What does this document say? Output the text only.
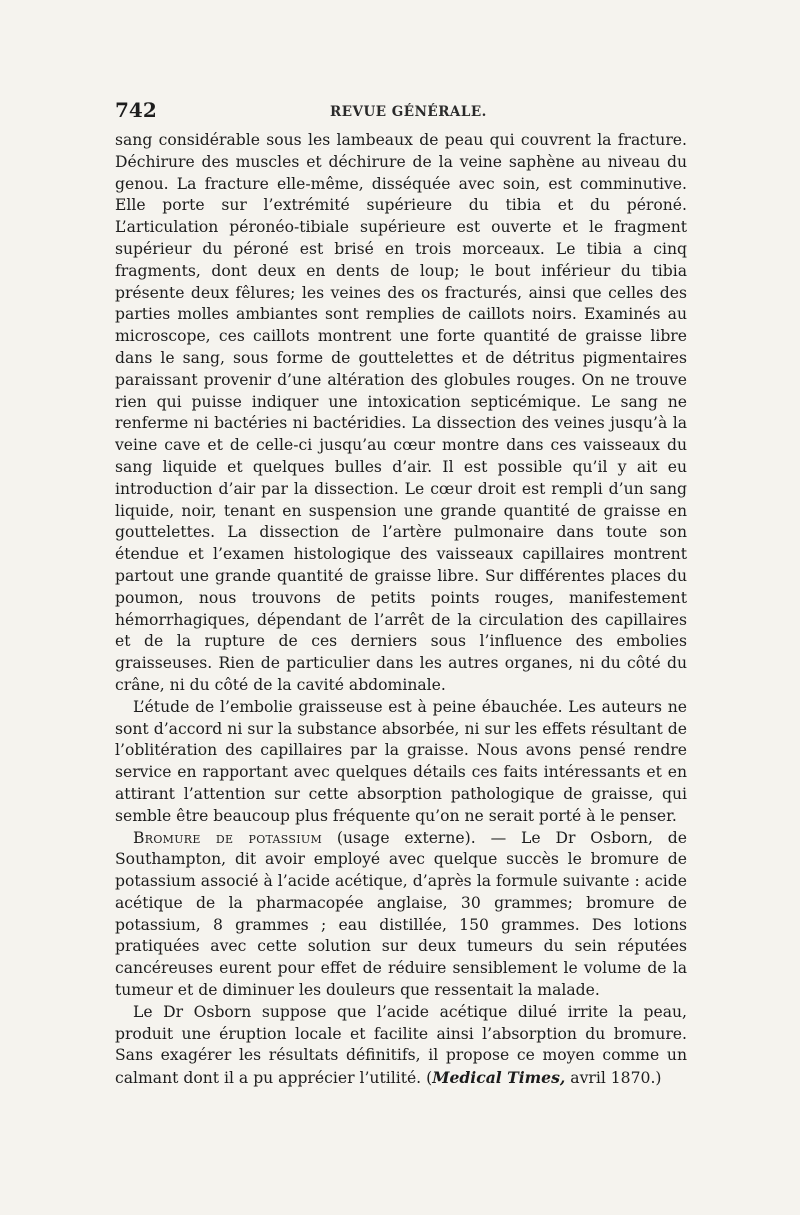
742	REVUE GÉNÉRALE.

sang considérable sous les lambeaux de peau qui couvrent la fracture. Déchirure des muscles et déchirure de la veine saphène au niveau du genou. La fracture elle-même, disséquée avec soin, est comminutive. Elle porte sur l’extrémité supérieure du tibia et du péroné. L’articulation péronéo-tibiale supérieure est ouverte et le fragment supérieur du péroné est brisé en trois morceaux. Le tibia a cinq fragments, dont deux en dents de loup; le bout inférieur du tibia présente deux fêlures; les veines des os fracturés, ainsi que celles des parties molles ambiantes sont remplies de caillots noirs. Examinés au microscope, ces caillots montrent une forte quantité de graisse libre dans le sang, sous forme de gouttelettes et de détritus pigmentaires paraissant provenir d’une altération des globules rouges. On ne trouve rien qui puisse indiquer une intoxication septicémique. Le sang ne renferme ni bactéries ni bactéridies. La dissection des veines jusqu’à la veine cave et de celle-ci jusqu’au cœur montre dans ces vaisseaux du sang liquide et quelques bulles d’air. Il est possible qu’il y ait eu introduction d’air par la dissection. Le cœur droit est rempli d’un sang liquide, noir, tenant en suspension une grande quantité de graisse en gouttelettes. La dissection de l’artère pulmonaire dans toute son étendue et l’examen histologique des vaisseaux capillaires montrent partout une grande quantité de graisse libre. Sur différentes places du poumon, nous trouvons de petits points rouges, manifestement hémorrhagiques, dépendant de l’arrêt de la circulation des capillaires et de la rupture de ces derniers sous l’influence des embolies graisseuses. Rien de particulier dans les autres organes, ni du côté du crâne, ni du côté de la cavité abdominale.

L’étude de l’embolie graisseuse est à peine ébauchée. Les auteurs ne sont d’accord ni sur la substance absorbée, ni sur les effets résultant de l’oblitération des capillaires par la graisse. Nous avons pensé rendre service en rapportant avec quelques détails ces faits intéressants et en attirant l’attention sur cette absorption pathologique de graisse, qui semble être beaucoup plus fréquente qu’on ne serait porté à le penser.

Bromure de potassium (usage externe). — Le Dr Osborn, de Southampton, dit avoir employé avec quelque succès le bromure de potassium associé à l’acide acétique, d’après la formule suivante : acide acétique de la pharmacopée anglaise, 30 grammes; bromure de potassium, 8 grammes ; eau distillée, 150 grammes. Des lotions pratiquées avec cette solution sur deux tumeurs du sein réputées cancéreuses eurent pour effet de réduire sensiblement le volume de la tumeur et de diminuer les douleurs que ressentait la malade.

Le Dr Osborn suppose que l’acide acétique dilué irrite la peau, produit une éruption locale et facilite ainsi l’absorption du bromure. Sans exagérer les résultats définitifs, il propose ce moyen comme un calmant dont il a pu apprécier l’utilité. (Medical Times, avril 1870.)
